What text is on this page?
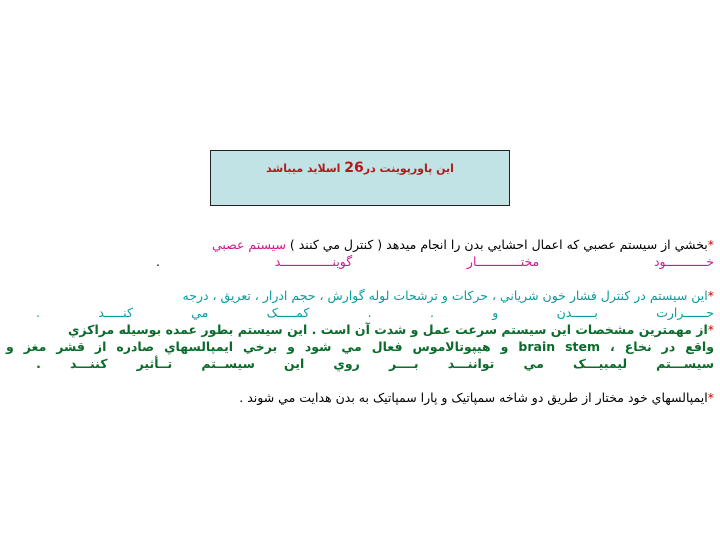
اين پاورپوينت در26 اسلايد ميباشد
*بخشي از سيستم عصبي که اعمال احشايي بدن را انجام ميدهد ( کنترل مي کنند ) سيستم عصبي
خـــــــــــود
مختــــــــــــار
گوينــــــــــــــد
.
*اين سيستم در کنترل فشار خون شرياني ، حرکات و ترشحات لوله گوارش ، حجم ادرار ، تعريق ، درجه
حــــــرارت
بــــــدن
و
.
.
کمـــــک
مي
کنـــــد
.
*از مهمترين مشخصات اين سيستم سرعت عمل و شدت آن است . اين سيستم بطور عمده بوسيله مراکزي
واقع در نخاع ، brain stem و هيپوتالاموس فعال مي شود و برخي ايمپالسهاي صادره از قشر مغز و
سيســـتم
ليمبيـــک
مي
تواننـــد
بــــر
روي
اين
سيســتم
تــأثير
کننـــد
.
*ايمپالسهاي خود مختار از طريق دو شاخه سمپاتيک و پارا سمپاتيک به بدن هدايت مي شوند .
